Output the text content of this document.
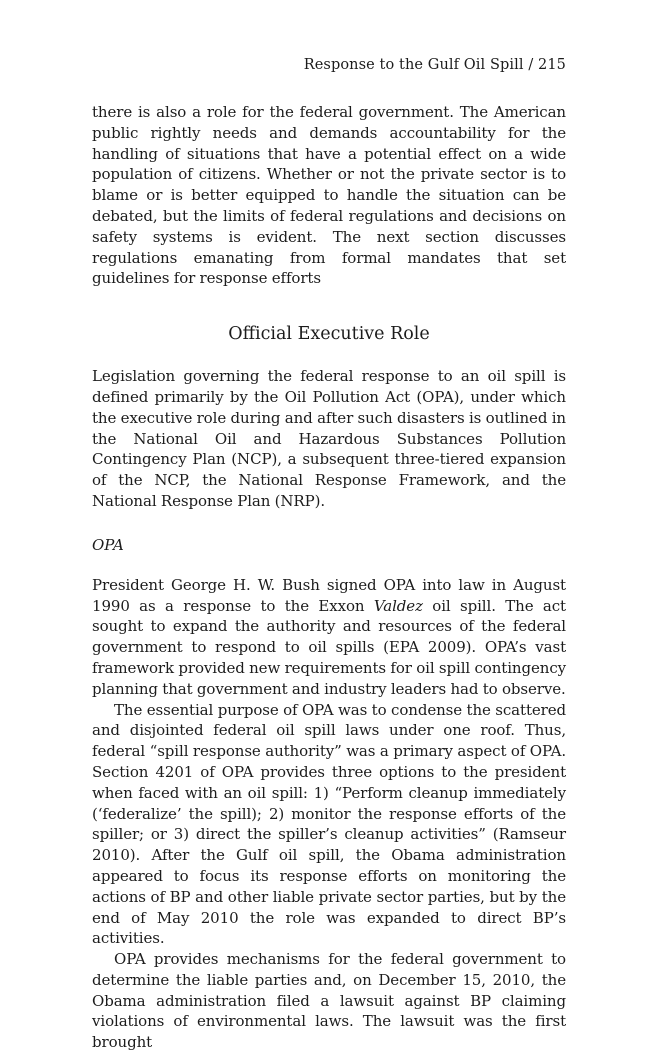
Response to the Gulf Oil Spill / 215

there is also a role for the federal government. The American public rightly needs and demands accountability for the handling of situations that have a potential effect on a wide population of citizens. Whether or not the private sector is to blame or is better equipped to handle the situation can be debated, but the limits of federal regulations and decisions on safety systems is evident. The next section discusses regulations emanating from formal mandates that set guidelines for response efforts

Official Executive Role

Legislation governing the federal response to an oil spill is defined primarily by the Oil Pollution Act (OPA), under which the executive role during and after such disasters is outlined in the National Oil and Hazardous Substances Pollution Contingency Plan (NCP), a subsequent three-tiered expansion of the NCP, the National Response Framework, and the National Response Plan (NRP).

OPA

President George H. W. Bush signed OPA into law in August 1990 as a response to the Exxon Valdez oil spill. The act sought to expand the authority and resources of the federal government to respond to oil spills (EPA 2009). OPA’s vast framework provided new requirements for oil spill contingency planning that government and industry leaders had to observe.

The essential purpose of OPA was to condense the scattered and disjointed federal oil spill laws under one roof. Thus, federal “spill response authority” was a primary aspect of OPA. Section 4201 of OPA provides three options to the president when faced with an oil spill: 1) “Perform cleanup immediately (‘federalize’ the spill); 2) monitor the response efforts of the spiller; or 3) direct the spiller’s cleanup activities” (Ramseur 2010). After the Gulf oil spill, the Obama administration appeared to focus its response efforts on monitoring the actions of BP and other liable private sector parties, but by the end of May 2010 the role was expanded to direct BP’s activities.

OPA provides mechanisms for the federal government to determine the liable parties and, on December 15, 2010, the Obama administration filed a lawsuit against BP claiming violations of environmental laws. The lawsuit was the first brought
